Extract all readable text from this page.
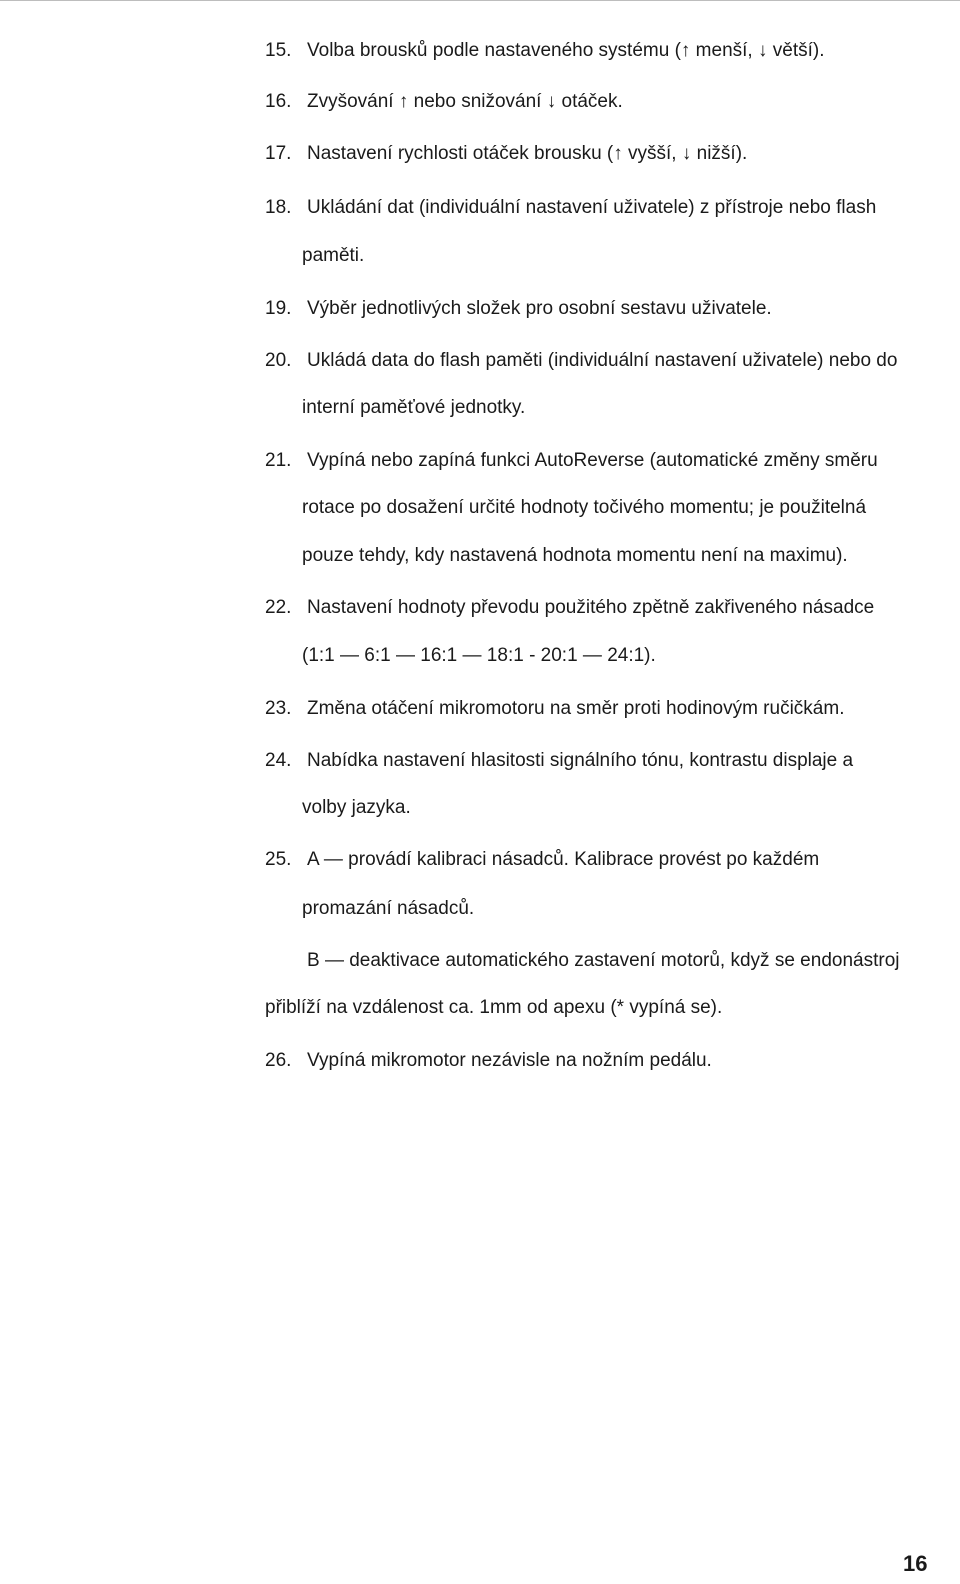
15. Volba brousků podle nastaveného systému (↑ menší, ↓ větší).
16. Zvyšování ↑ nebo snižování ↓ otáček.
17. Nastavení rychlosti otáček brousku (↑ vyšší, ↓ nižší).
18. Ukládání dat (individuální nastavení uživatele) z přístroje nebo flash
paměti.
19. Výběr jednotlivých složek pro osobní sestavu uživatele.
20. Ukládá data do flash paměti (individuální nastavení uživatele) nebo do
interní paměťové jednotky.
21. Vypíná nebo zapíná funkci AutoReverse (automatické změny směru
rotace po dosažení určité hodnoty točivého momentu; je použitelná
pouze tehdy, kdy nastavená hodnota momentu není na maximu).
22. Nastavení hodnoty převodu použitého zpětně zakřiveného násadce
(1:1 — 6:1 — 16:1 — 18:1 - 20:1 — 24:1).
23. Změna otáčení mikromotoru na směr proti hodinovým ručičkám.
24. Nabídka nastavení hlasitosti signálního tónu, kontrastu displaje a
volby jazyka.
25. A — provádí kalibraci násadců. Kalibrace provést po každém
promazání násadců.
B — deaktivace automatického zastavení motorů, když se endonástroj
přiblíží na vzdálenost ca. 1mm od apexu (* vypíná se).
26. Vypíná mikromotor nezávisle na nožním pedálu.
16
